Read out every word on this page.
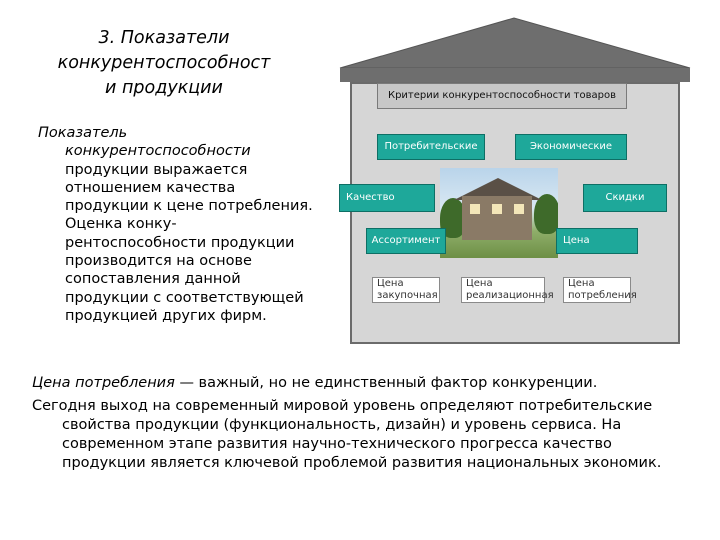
3. Показатели
конкурентоспособност
и продукции
Показатель
конкурентоспособности продукции выражается отношением качества продукции к цене потребления. Оценка конку-рентоспособности продукции производится на основе сопоставления данной продукции с соответствующей продукцией других фирм.
Критерии конкурентоспособности товаров
Потребительские	Экономические
Качество	Скидки
Ассортимент	Цена
Цена закупочная
Цена реализационная
Цена потребления

Цена потребления — важный, но не единственный фактор конкуренции.

Сегодня выход на современный мировой уровень определяют потребительские свойства продукции (функциональность, дизайн) и уровень сервиса. На современном этапе развития научно-технического прогресса качество продукции является ключевой проблемой развития национальных экономик.
